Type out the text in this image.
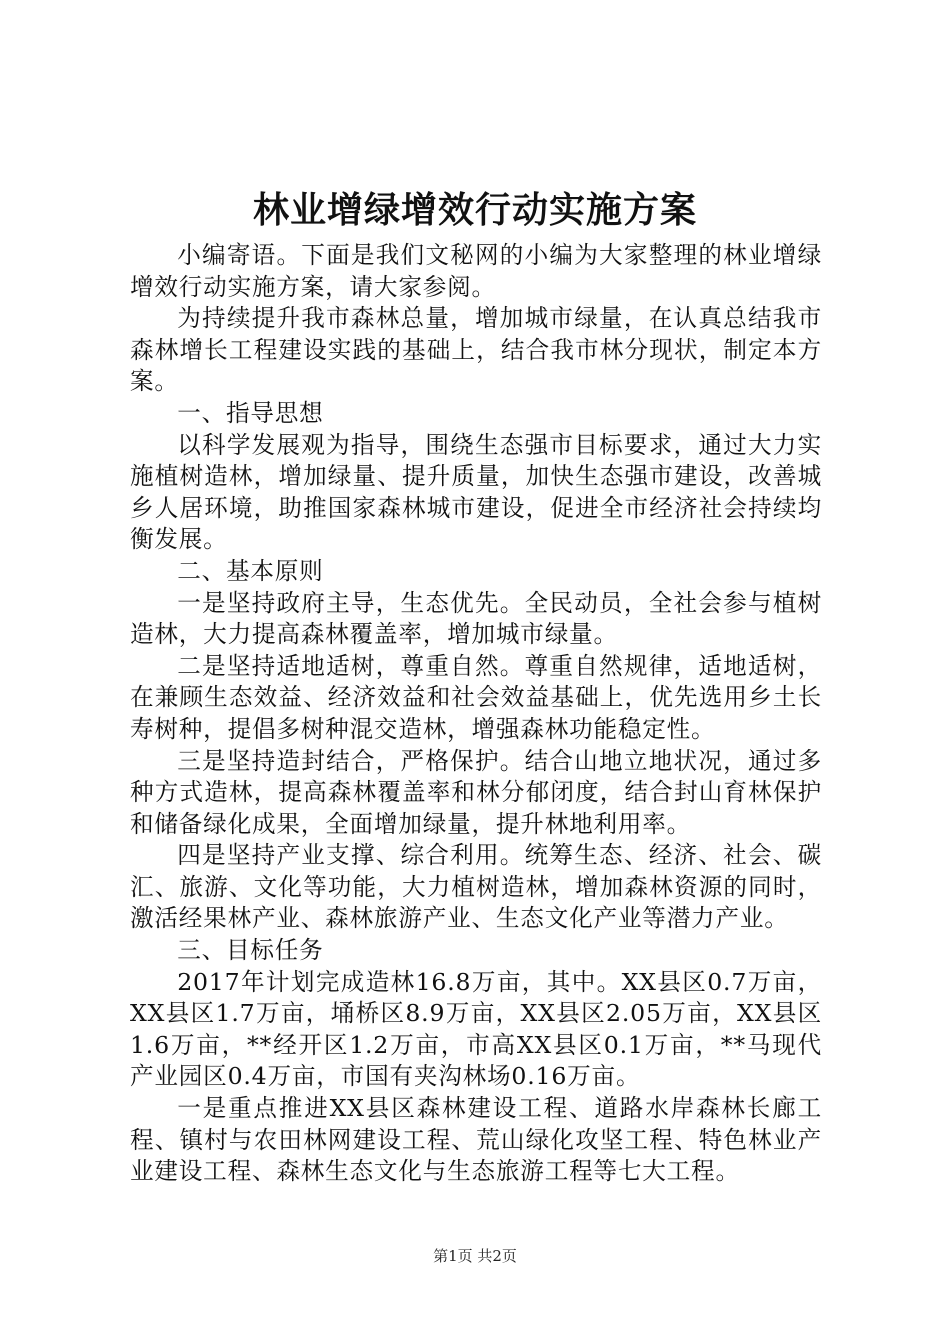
林业增绿增效行动实施方案

小编寄语。下面是我们文秘网的小编为大家整理的林业增绿增效行动实施方案，请大家参阅。

为持续提升我市森林总量，增加城市绿量，在认真总结我市森林增长工程建设实践的基础上，结合我市林分现状，制定本方案。

一、指导思想

以科学发展观为指导，围绕生态强市目标要求，通过大力实施植树造林，增加绿量、提升质量，加快生态强市建设，改善城乡人居环境，助推国家森林城市建设，促进全市经济社会持续均衡发展。

二、基本原则

一是坚持政府主导，生态优先。全民动员，全社会参与植树造林，大力提高森林覆盖率，增加城市绿量。

二是坚持适地适树，尊重自然。尊重自然规律，适地适树，在兼顾生态效益、经济效益和社会效益基础上，优先选用乡土长寿树种，提倡多树种混交造林，增强森林功能稳定性。

三是坚持造封结合，严格保护。结合山地立地状况，通过多种方式造林，提高森林覆盖率和林分郁闭度，结合封山育林保护和储备绿化成果，全面增加绿量，提升林地利用率。

四是坚持产业支撑、综合利用。统筹生态、经济、社会、碳汇、旅游、文化等功能，大力植树造林，增加森林资源的同时，激活经果林产业、森林旅游产业、生态文化产业等潜力产业。

三、目标任务

2017年计划完成造林16.8万亩，其中。XX县区0.7万亩，XX县区1.7万亩，埇桥区8.9万亩，XX县区2.05万亩，XX县区1.6万亩，**经开区1.2万亩，市高XX县区0.1万亩，**马现代产业园区0.4万亩，市国有夹沟林场0.16万亩。

一是重点推进XX县区森林建设工程、道路水岸森林长廊工程、镇村与农田林网建设工程、荒山绿化攻坚工程、特色林业产业建设工程、森林生态文化与生态旅游工程等七大工程。

第1页 共2页
